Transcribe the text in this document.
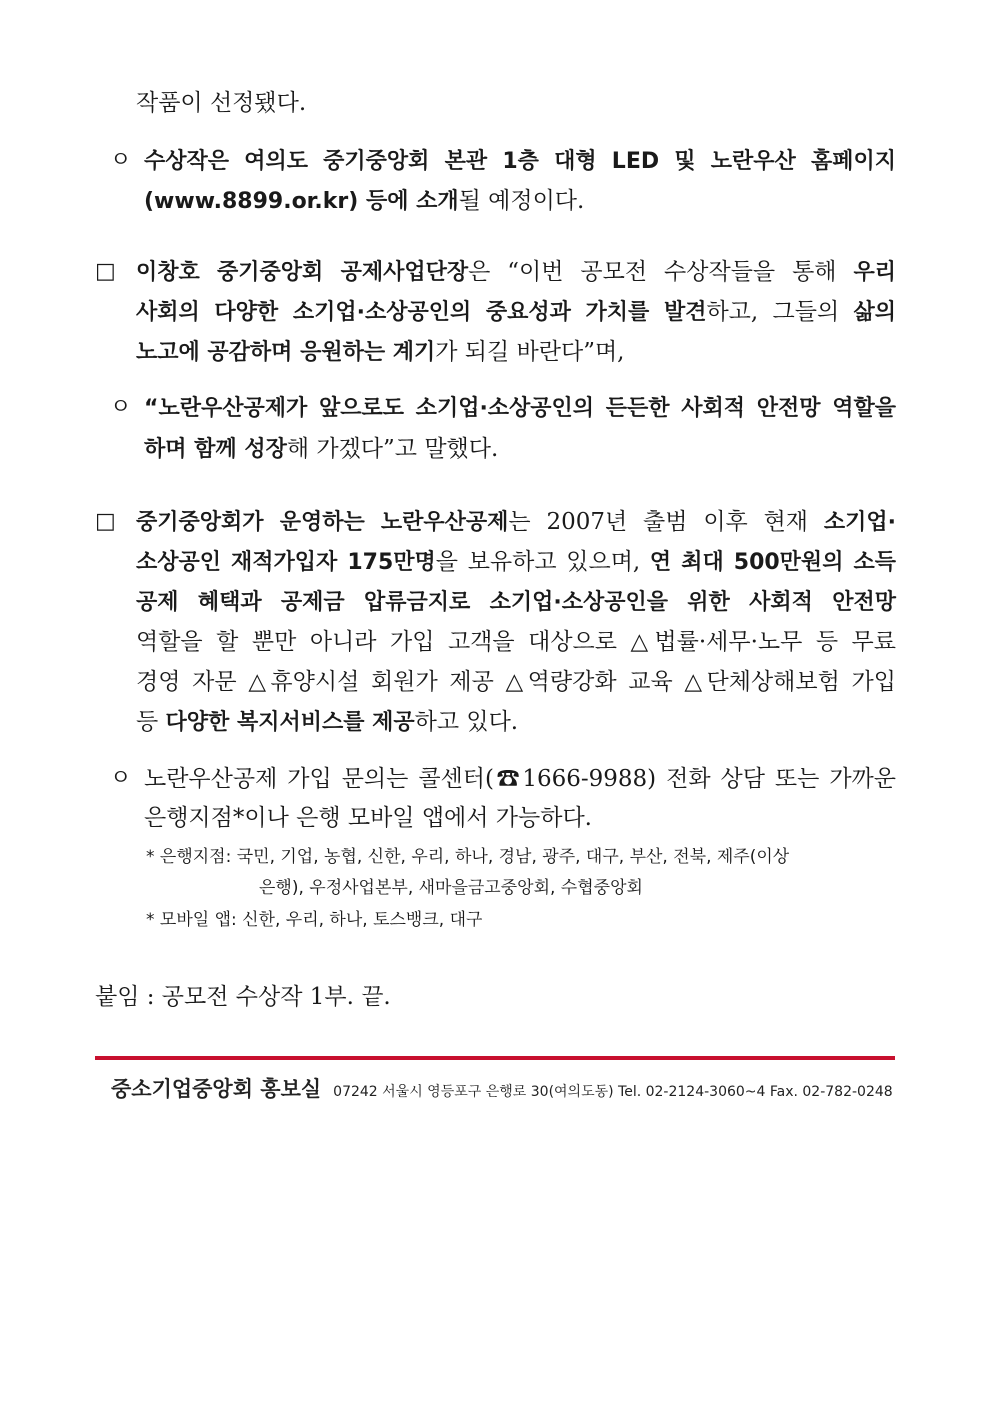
작품이 선정됐다.
ㅇ 수상작은 여의도 중기중앙회 본관 1층 대형 LED 및 노란우산 홈페이지
(www.8899.or.kr) 등에 소개될 예정이다.
□ 이창호 중기중앙회 공제사업단장은 “이번 공모전 수상작들을 통해 우리
사회의 다양한 소기업·소상공인의 중요성과 가치를 발견하고, 그들의 삶의
노고에 공감하며 응원하는 계기가 되길 바란다”며,
ㅇ “노란우산공제가 앞으로도 소기업·소상공인의 든든한 사회적 안전망 역할을
하며 함께 성장해 가겠다”고 말했다.
□ 중기중앙회가 운영하는 노란우산공제는 2007년 출범 이후 현재 소기업·
소상공인 재적가입자 175만명을 보유하고 있으며, 연 최대 500만원의 소득
공제 혜택과 공제금 압류금지로 소기업·소상공인을 위한 사회적 안전망
역할을 할 뿐만 아니라 가입 고객을 대상으로 △법률·세무·노무 등 무료
경영 자문 △휴양시설 회원가 제공 △역량강화 교육 △단체상해보험 가입
등 다양한 복지서비스를 제공하고 있다.
ㅇ 노란우산공제 가입 문의는 콜센터(☎1666-9988) 전화 상담 또는 가까운
은행지점*이나 은행 모바일 앱에서 가능하다.
* 은행지점: 국민, 기업, 농협, 신한, 우리, 하나, 경남, 광주, 대구, 부산, 전북, 제주(이상
은행), 우정사업본부, 새마을금고중앙회, 수협중앙회
* 모바일 앱: 신한, 우리, 하나, 토스뱅크, 대구
붙임 : 공모전 수상작 1부. 끝.
중소기업중앙회 홍보실 07242 서울시 영등포구 은행로 30(여의도동) Tel. 02-2124-3060~4 Fax. 02-782-0248
